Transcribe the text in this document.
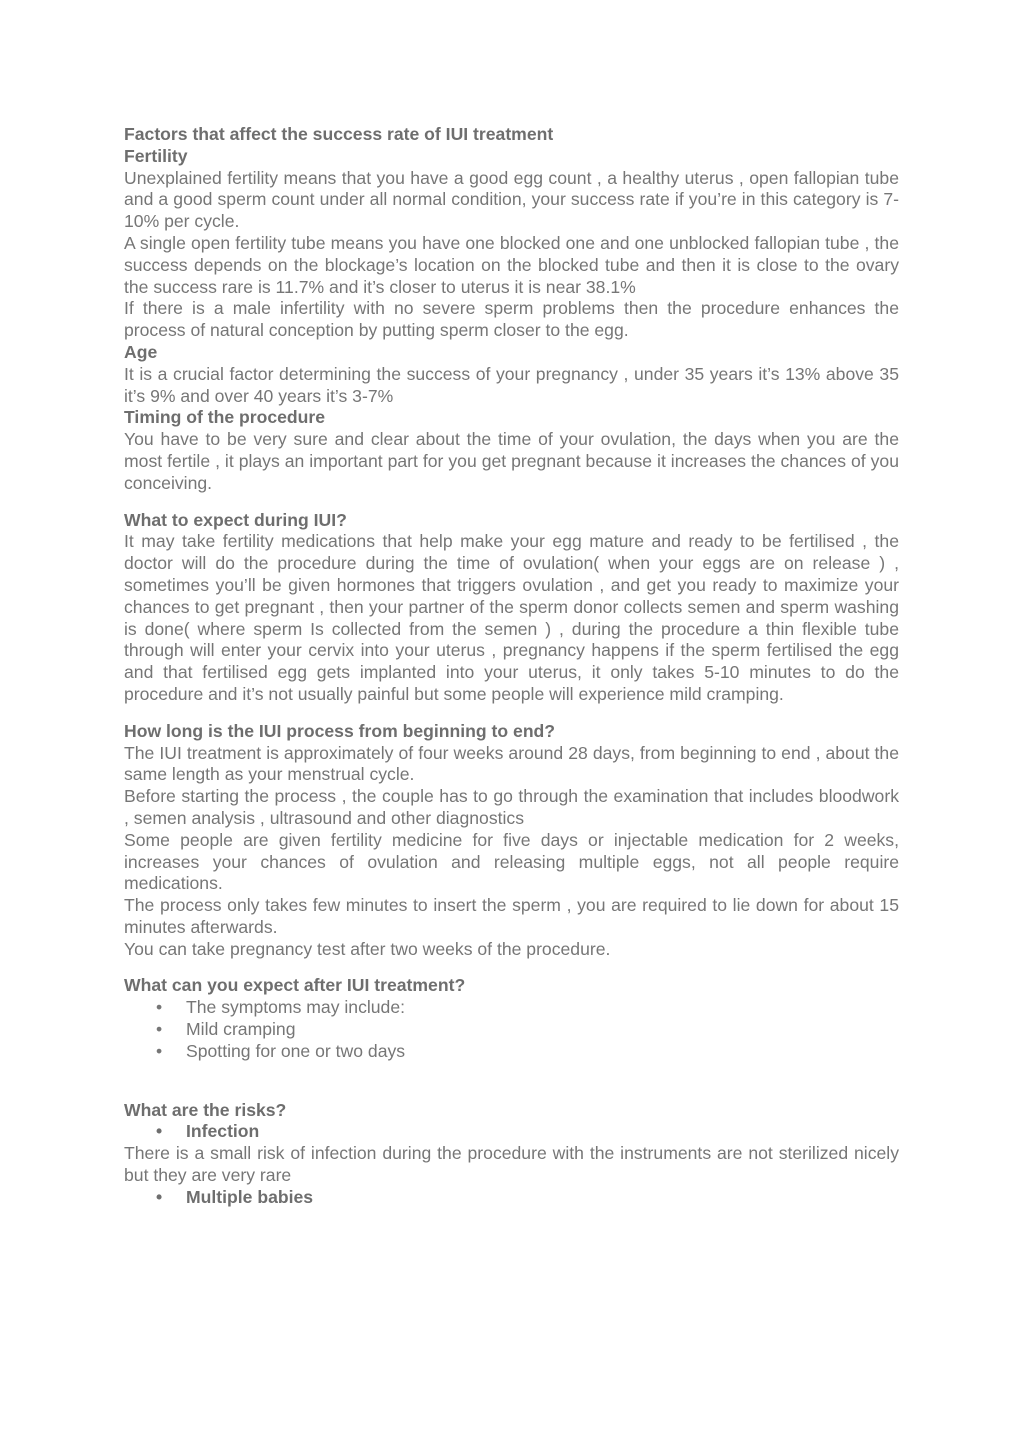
Factors that affect the success rate of IUI treatment
Fertility
Unexplained fertility means that you have a good egg count , a healthy uterus , open fallopian tube and a good sperm count under all normal condition, your success rate if you’re in this category is 7-10% per cycle.
A single open fertility tube means you have one blocked one and one unblocked fallopian tube , the success depends on the blockage’s location on the blocked tube and then it is close to the ovary the success rare is 11.7% and it’s closer to uterus it is near 38.1%
If there is a male infertility with no severe sperm problems then the procedure enhances the process of natural conception by putting sperm closer to the egg.
Age
It is a crucial factor determining the success of your pregnancy , under 35 years it’s 13% above 35 it’s 9% and over 40 years it’s 3-7%
Timing of the procedure
You have to be very sure and clear about the time of your ovulation, the days when you are the most fertile , it plays an important part for you get pregnant because it increases the chances of you conceiving.
What to expect during IUI?
It may take fertility medications that help make your egg mature and ready to be fertilised , the doctor will do the procedure during the time of ovulation( when your eggs are on release ) , sometimes you’ll be given hormones that triggers ovulation , and get you ready to maximize your chances to get pregnant , then your partner of the sperm donor collects semen and sperm washing is done( where sperm Is collected from the semen ) , during the procedure a thin flexible tube through will enter your cervix into your uterus , pregnancy happens if the sperm fertilised the egg and that fertilised egg gets implanted into your uterus, it only takes 5-10 minutes to do the procedure and it’s not usually painful but some people will experience mild cramping.
How long is the IUI process from beginning to end?
The IUI treatment is approximately of four weeks around 28 days, from beginning to end , about the same length as your menstrual cycle.
Before starting the process , the couple has to go through the examination that includes bloodwork , semen analysis , ultrasound and other diagnostics
Some people are given fertility medicine for five days or injectable medication for 2 weeks, increases your chances of ovulation and releasing multiple eggs, not all people require medications.
The process only takes few minutes to insert the sperm , you are required to lie down for about 15 minutes afterwards.
You can take pregnancy test after two weeks of the procedure.
What can you expect after IUI treatment?
• The symptoms may include:
• Mild cramping
• Spotting for one or two days
What are the risks?
• Infection
There is a small risk of infection during the procedure with the instruments are not sterilized nicely but they are very rare
• Multiple babies
